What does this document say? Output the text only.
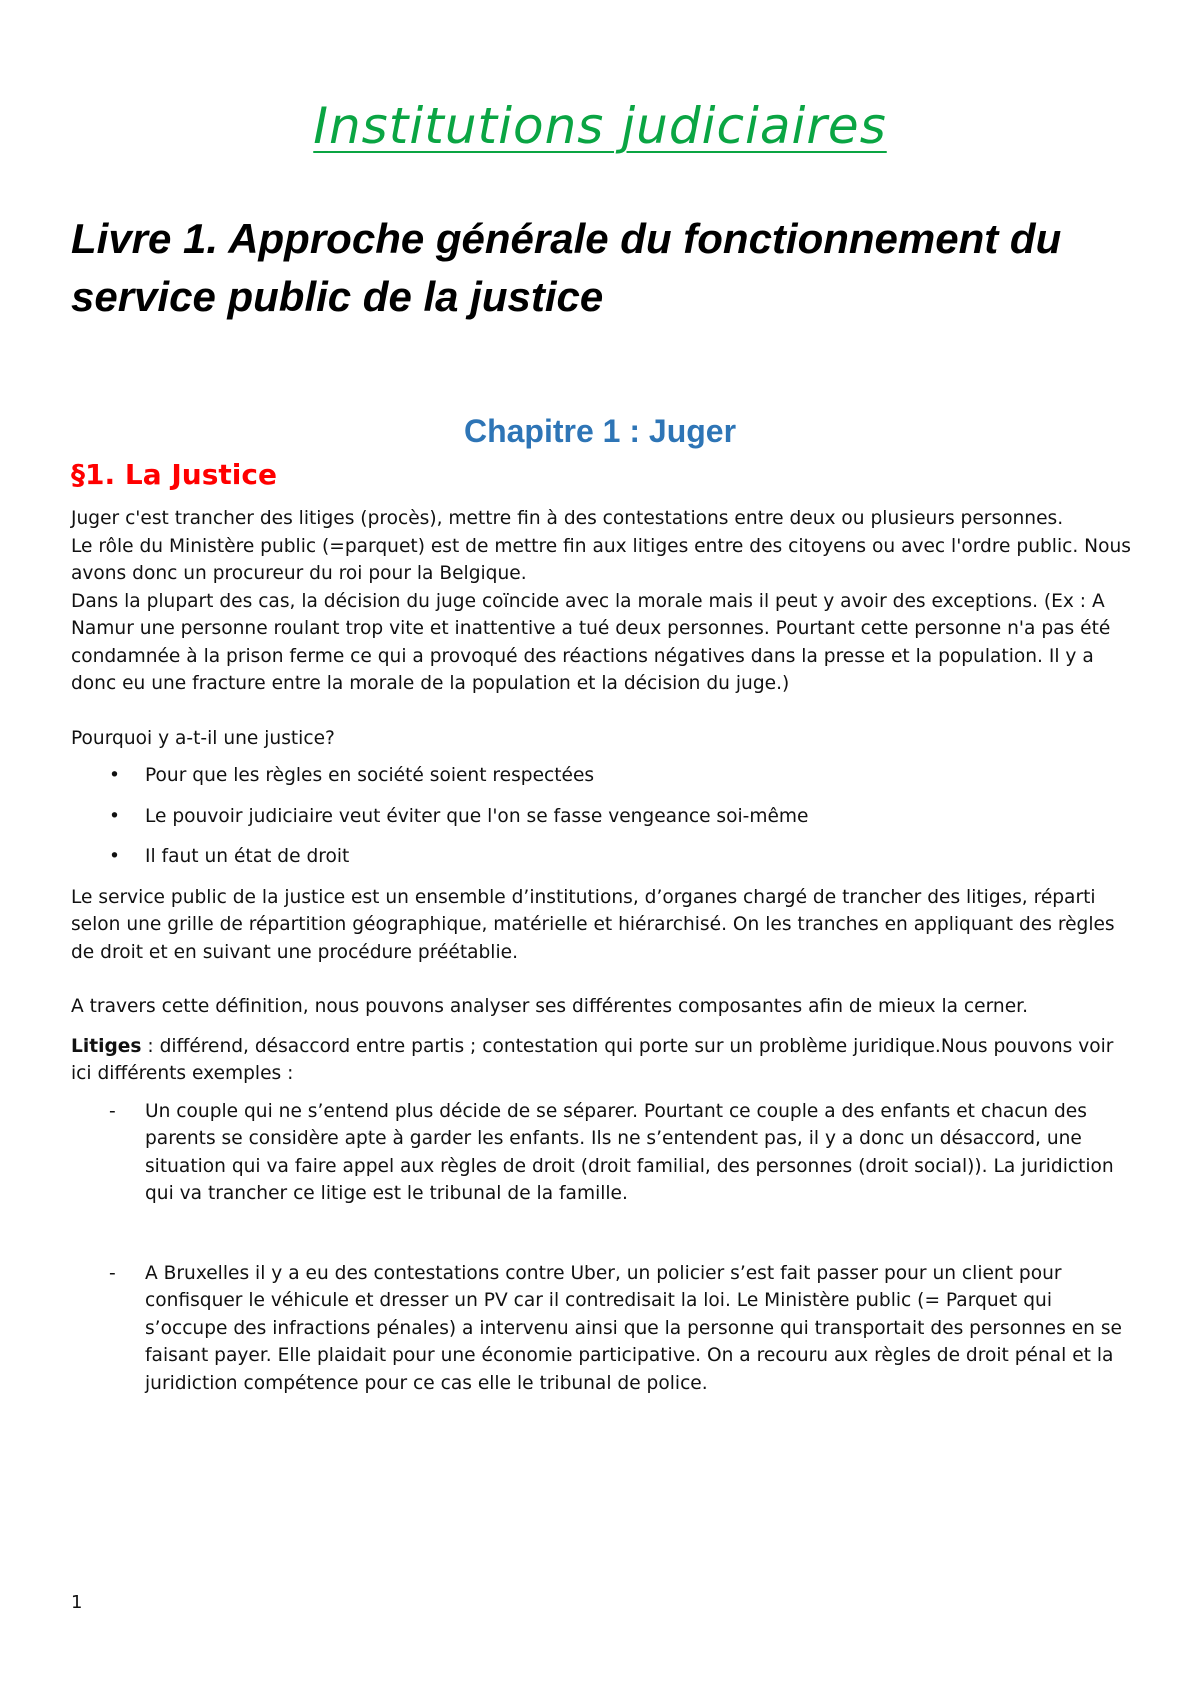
Institutions judiciaires
Livre 1. Approche générale du fonctionnement du service public de la justice
Chapitre 1 : Juger
§1. La Justice

Juger c'est trancher des litiges (procès), mettre fin à des contestations entre deux ou plusieurs personnes.

Le rôle du Ministère public (=parquet) est de mettre fin aux litiges entre des citoyens ou avec l'ordre public. Nous avons donc un procureur du roi pour la Belgique.

Dans la plupart des cas, la décision du juge coïncide avec la morale mais il peut y avoir des exceptions. (Ex : A Namur une personne roulant trop vite et inattentive a tué deux personnes. Pourtant cette personne n'a pas été condamnée à la prison ferme ce qui a provoqué des réactions négatives dans la presse et la population. Il y a donc eu une fracture entre la morale de la population et la décision du juge.)

Pourquoi y a-t-il une justice?

• Pour que les règles en société soient respectées
• Le pouvoir judiciaire veut éviter que l'on se fasse vengeance soi-même
• Il faut un état de droit

Le service public de la justice est un ensemble d’institutions, d’organes chargé de trancher des litiges, réparti selon une grille de répartition géographique, matérielle et hiérarchisé. On les tranches en appliquant des règles de droit et en suivant une procédure préétablie.

A travers cette définition, nous pouvons analyser ses différentes composantes afin de mieux la cerner.

Litiges : différend, désaccord entre partis ; contestation qui porte sur un problème juridique.Nous pouvons voir ici différents exemples :

- Un couple qui ne s’entend plus décide de se séparer. Pourtant ce couple a des enfants et chacun des parents se considère apte à garder les enfants. Ils ne s’entendent pas, il y a donc un désaccord, une situation qui va faire appel aux règles de droit (droit familial, des personnes (droit social)). La juridiction qui va trancher ce litige est le tribunal de la famille.
- A Bruxelles il y a eu des contestations contre Uber, un policier s’est fait passer pour un client pour confisquer le véhicule et dresser un PV car il contredisait la loi. Le Ministère public (= Parquet qui s’occupe des infractions pénales) a intervenu ainsi que la personne qui transportait des personnes en se faisant payer. Elle plaidait pour une économie participative. On a recouru aux règles de droit pénal et la juridiction compétence pour ce cas elle le tribunal de police.
1
